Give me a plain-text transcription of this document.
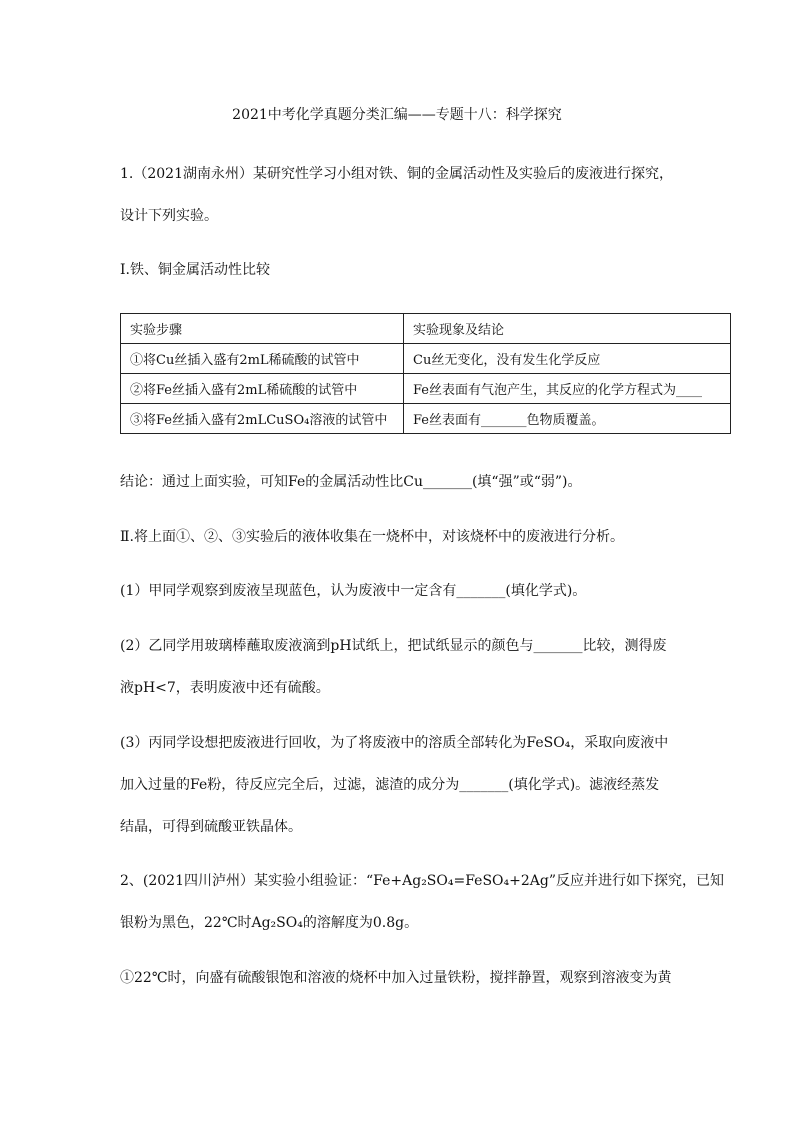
2021中考化学真题分类汇编——专题十八：科学探究
1.（2021湖南永州）某研究性学习小组对铁、铜的金属活动性及实验后的废液进行探究，
设计下列实验。
Ⅰ.铁、铜金属活动性比较
实验步骤	实验现象及结论
①将Cu丝插入盛有2mL稀硫酸的试管中	Cu丝无变化，没有发生化学反应
②将Fe丝插入盛有2mL稀硫酸的试管中	Fe丝表面有气泡产生，其反应的化学方程式为____
③将Fe丝插入盛有2mLCuSO₄溶液的试管中	Fe丝表面有_______色物质覆盖。
结论：通过上面实验，可知Fe的金属活动性比Cu_______(填“强”或“弱”)。
Ⅱ.将上面①、②、③实验后的液体收集在一烧杯中，对该烧杯中的废液进行分析。
(1）甲同学观察到废液呈现蓝色，认为废液中一定含有_______(填化学式)。
(2）乙同学用玻璃棒蘸取废液滴到pH试纸上，把试纸显示的颜色与_______比较，测得废
液pH<7，表明废液中还有硫酸。
(3）丙同学设想把废液进行回收，为了将废液中的溶质全部转化为FeSO₄，采取向废液中
加入过量的Fe粉，待反应完全后，过滤，滤渣的成分为_______(填化学式)。滤液经蒸发
结晶，可得到硫酸亚铁晶体。
2、(2021四川泸州）某实验小组验证：“Fe+Ag₂SO₄=FeSO₄+2Ag”反应并进行如下探究，已知
银粉为黑色，22℃时Ag₂SO₄的溶解度为0.8g。
①22℃时，向盛有硫酸银饱和溶液的烧杯中加入过量铁粉，搅拌静置，观察到溶液变为黄
